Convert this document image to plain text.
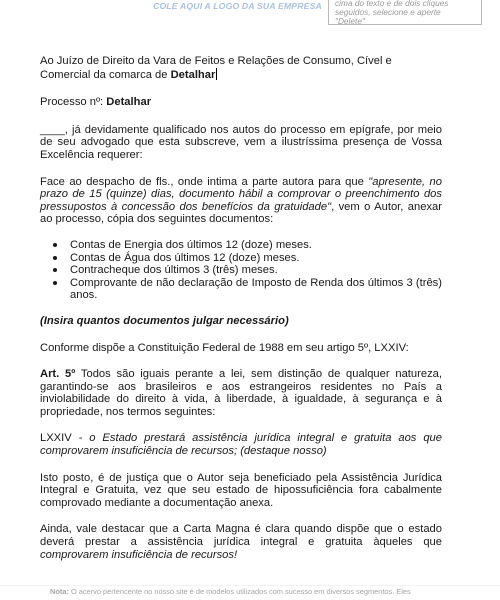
COLE AQUI A LOGO DA SUA EMPRESA	cima do texto e de dois cliques
seguidos, selecione e aperte
"Delete"

Ao Juízo de Direito da Vara de Feitos e Relações de Consumo, Cível e Comercial da comarca de Detalhar

Processo nº: Detalhar

____, já devidamente qualificado nos autos do processo em epígrafe, por meio de seu advogado que esta subscreve, vem a ilustríssima presença de Vossa Excelência requerer:

Face ao despacho de fls., onde intima a parte autora para que "apresente, no prazo de 15 (quinze) dias, documento hábil a comprovar o preenchimento dos pressupostos à concessão dos benefícios da gratuidade", vem o Autor, anexar ao processo, cópia dos seguintes documentos:

Contas de Energia dos últimos 12 (doze) meses.
Contas de Água dos últimos 12 (doze) meses.
Contracheque dos últimos 3 (três) meses.
Comprovante de não declaração de Imposto de Renda dos últimos 3 (três) anos.

(Insira quantos documentos julgar necessário)

Conforme dispõe a Constituição Federal de 1988 em seu artigo 5º, LXXIV:

Art. 5º Todos são iguais perante a lei, sem distinção de qualquer natureza, garantindo-se aos brasileiros e aos estrangeiros residentes no País a inviolabilidade do direito à vida, à liberdade, à igualdade, à segurança e à propriedade, nos termos seguintes:

LXXIV - o Estado prestará assistência jurídica integral e gratuita aos que comprovarem insuficiência de recursos; (destaque nosso)

Isto posto, é de justiça que o Autor seja beneficiado pela Assistência Jurídica Integral e Gratuita, vez que seu estado de hipossuficiência fora cabalmente comprovado mediante a documentação anexa.

Ainda, vale destacar que a Carta Magna é clara quando dispõe que o estado deverá prestar a assistência jurídica integral e gratuita àqueles que comprovarem insuficiência de recursos!

Nota: O acervo pertencente no nosso site é de modelos utilizados com sucesso em diversos segmentos. Eles
